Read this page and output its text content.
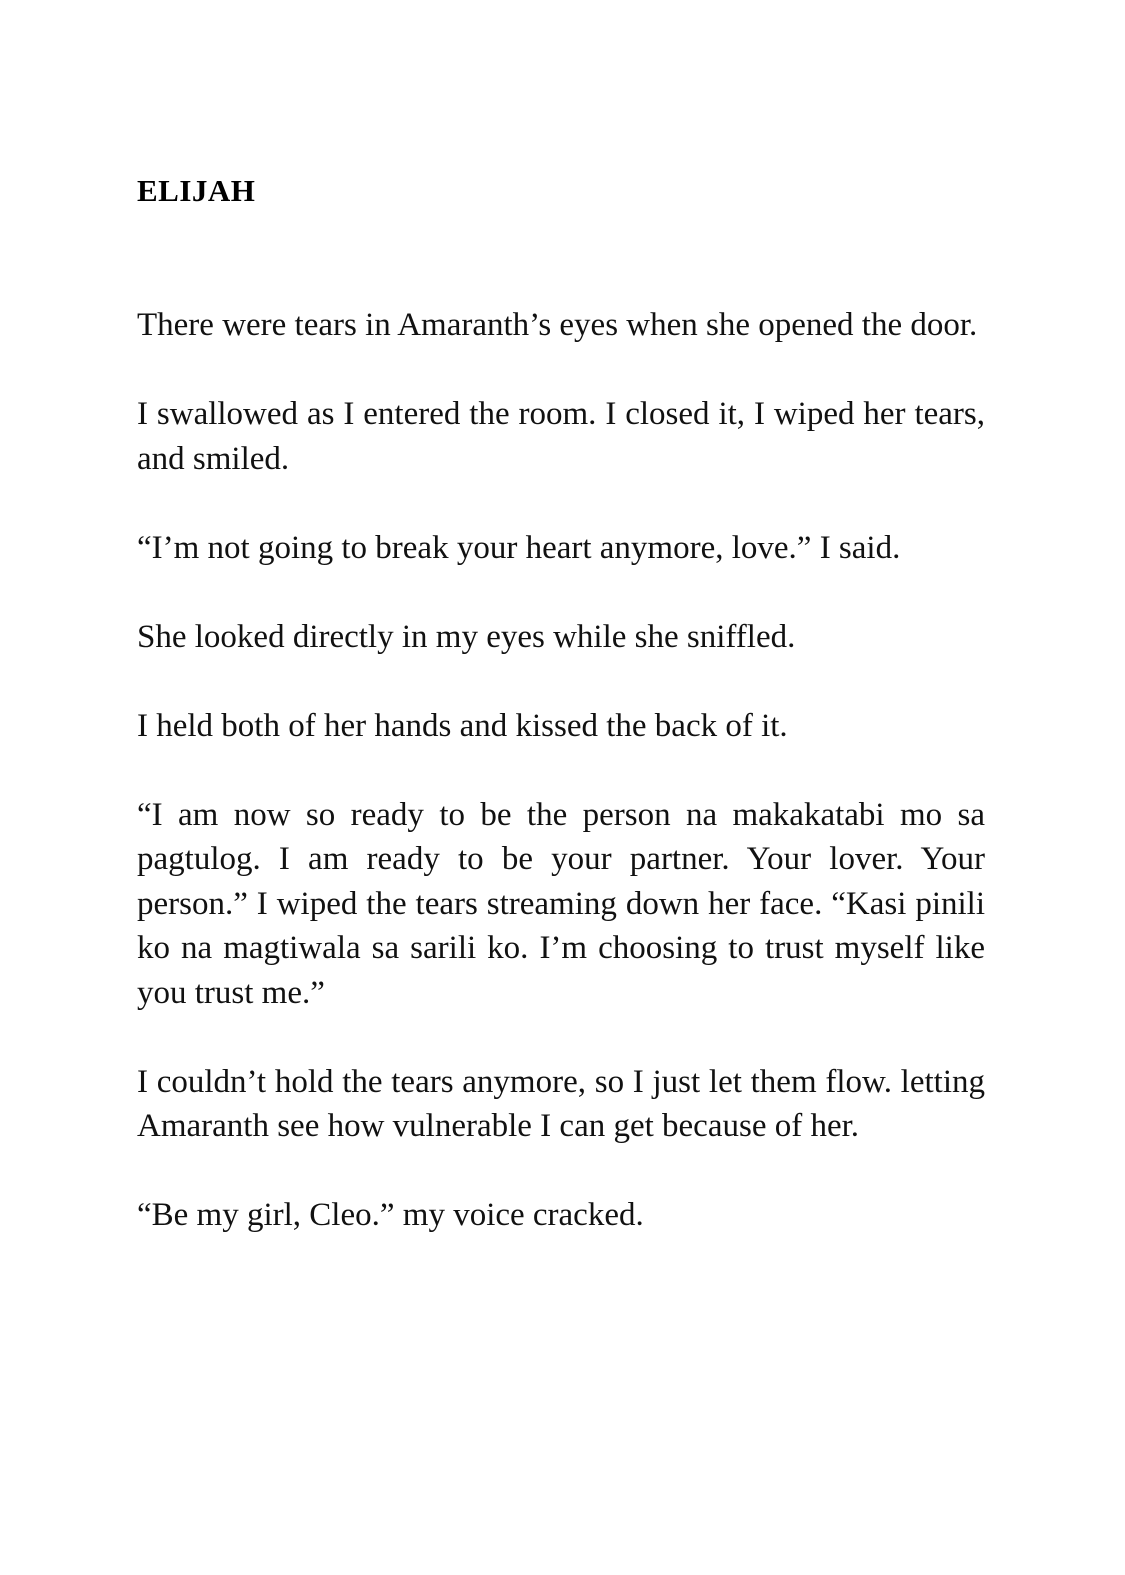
ELIJAH

There were tears in Amaranth’s eyes when she opened the door.

I swallowed as I entered the room. I closed it, I wiped her tears, and smiled.

“I’m not going to break your heart anymore, love.” I said.

She looked directly in my eyes while she sniffled.

I held both of her hands and kissed the back of it.

“I am now so ready to be the person na makakatabi mo sa pagtulog. I am ready to be your partner. Your lover. Your person.” I wiped the tears streaming down her face. “Kasi pinili ko na magtiwala sa sarili ko. I’m choosing to trust myself like you trust me.”

I couldn’t hold the tears anymore, so I just let them flow. letting Amaranth see how vulnerable I can get because of her.

“Be my girl, Cleo.” my voice cracked.
